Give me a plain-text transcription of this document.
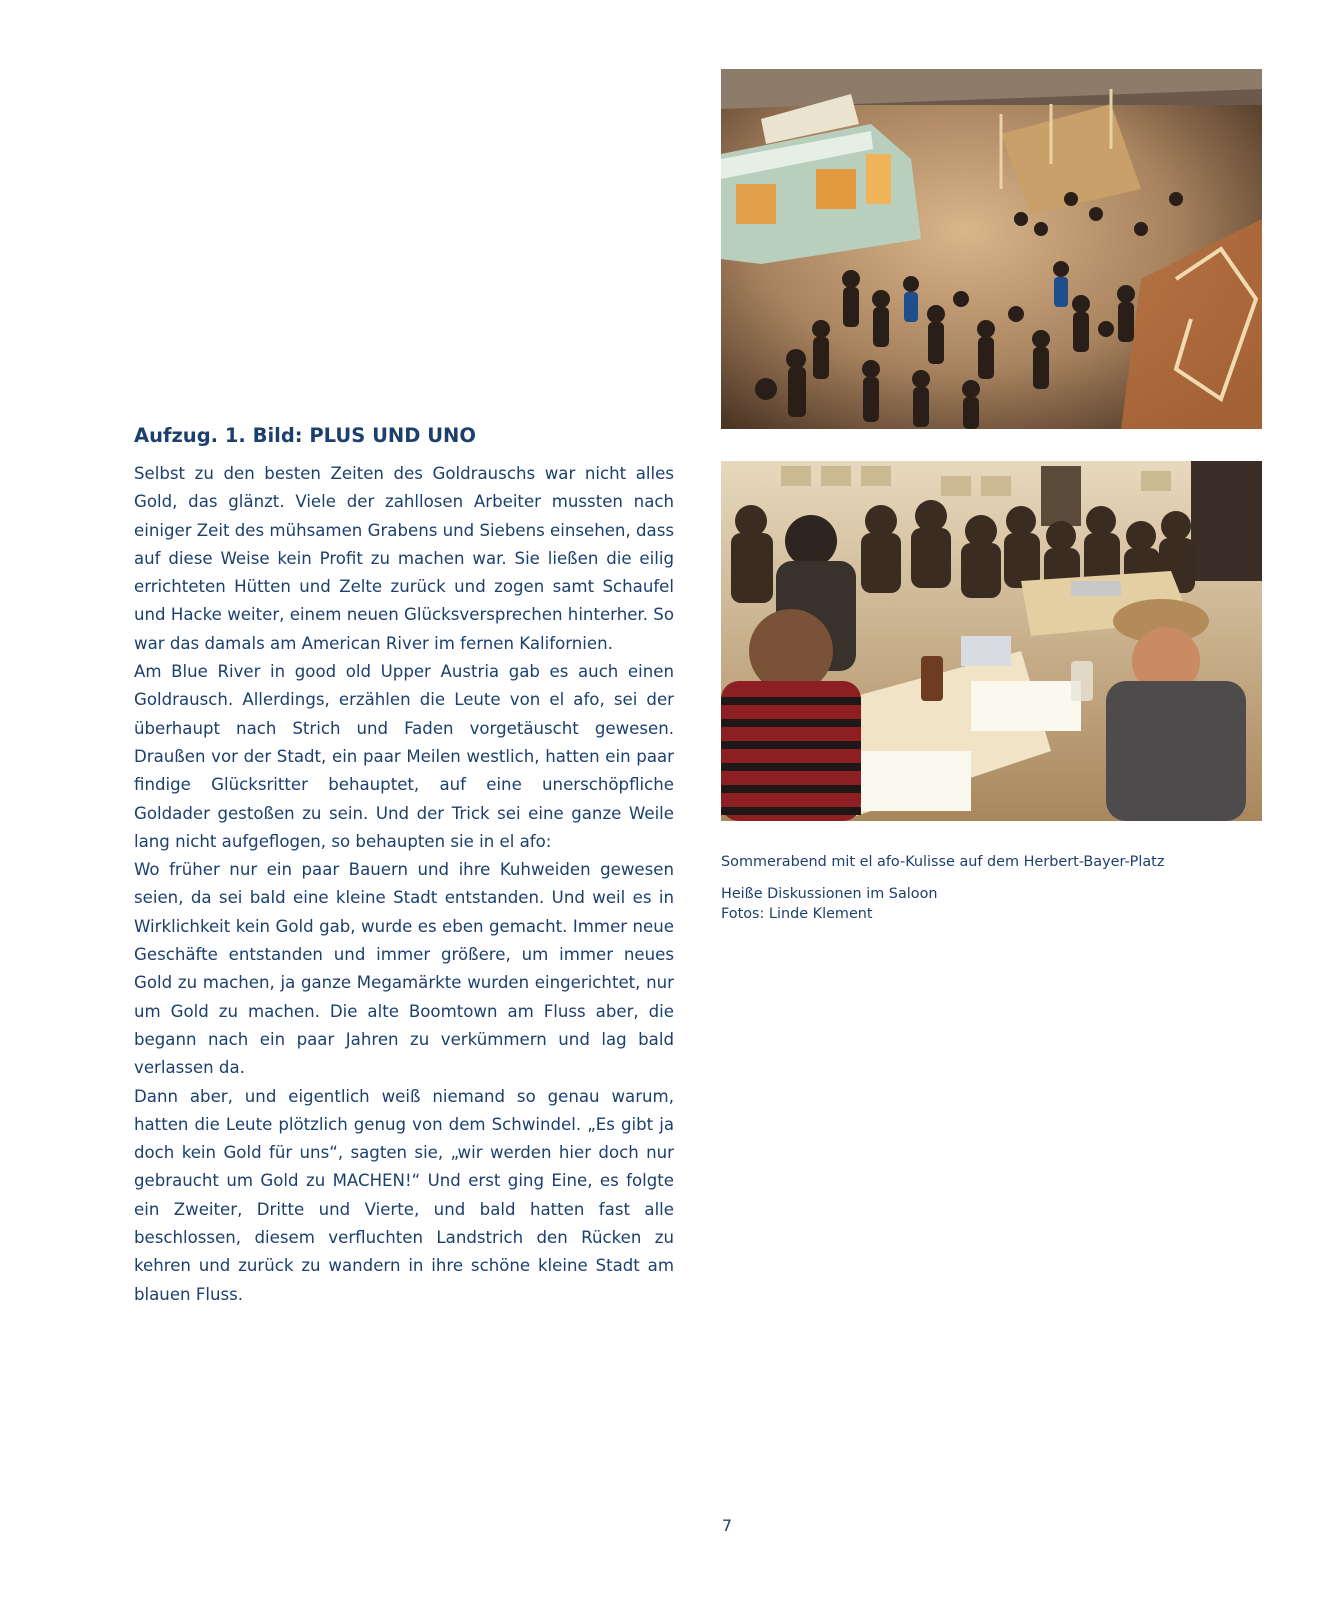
Aufzug. 1. Bild: PLUS UND UNO

Selbst zu den besten Zeiten des Goldrauschs war nicht alles Gold, das glänzt. Viele der zahllosen Arbeiter mussten nach einiger Zeit des mühsamen Grabens und Siebens einsehen, dass auf diese Weise kein Profit zu machen war. Sie ließen die eilig errichteten Hütten und Zelte zurück und zogen samt Schaufel und Hacke weiter, einem neuen Glücksversprechen hinterher. So war das damals am American River im fernen Kalifornien.

Am Blue River in good old Upper Austria gab es auch einen Goldrausch. Allerdings, erzählen die Leute von el afo, sei der überhaupt nach Strich und Faden vorgetäuscht gewesen. Draußen vor der Stadt, ein paar Meilen westlich, hatten ein paar findige Glücksritter behauptet, auf eine unerschöpfliche Goldader gestoßen zu sein. Und der Trick sei eine ganze Weile lang nicht aufgeflogen, so behaupten sie in el afo:

Wo früher nur ein paar Bauern und ihre Kuhweiden gewesen seien, da sei bald eine kleine Stadt entstanden. Und weil es in Wirklichkeit kein Gold gab, wurde es eben gemacht. Immer neue Geschäfte entstanden und immer größere, um immer neues Gold zu machen, ja ganze Megamärkte wurden eingerichtet, nur um Gold zu machen. Die alte Boomtown am Fluss aber, die begann nach ein paar Jahren zu verkümmern und lag bald verlassen da.

Dann aber, und eigentlich weiß niemand so genau warum, hatten die Leute plötzlich genug von dem Schwindel. „Es gibt ja doch kein Gold für uns“, sagten sie, „wir werden hier doch nur gebraucht um Gold zu MACHEN!“ Und erst ging Eine, es folgte ein Zweiter, Dritte und Vierte, und bald hatten fast alle beschlossen, diesem verfluchten Landstrich den Rücken zu kehren und zurück zu wandern in ihre schöne kleine Stadt am blauen Fluss.

Sommerabend mit el afo-Kulisse auf dem Herbert-Bayer-Platz

Heiße Diskussionen im Saloon

Fotos: Linde Klement

7
